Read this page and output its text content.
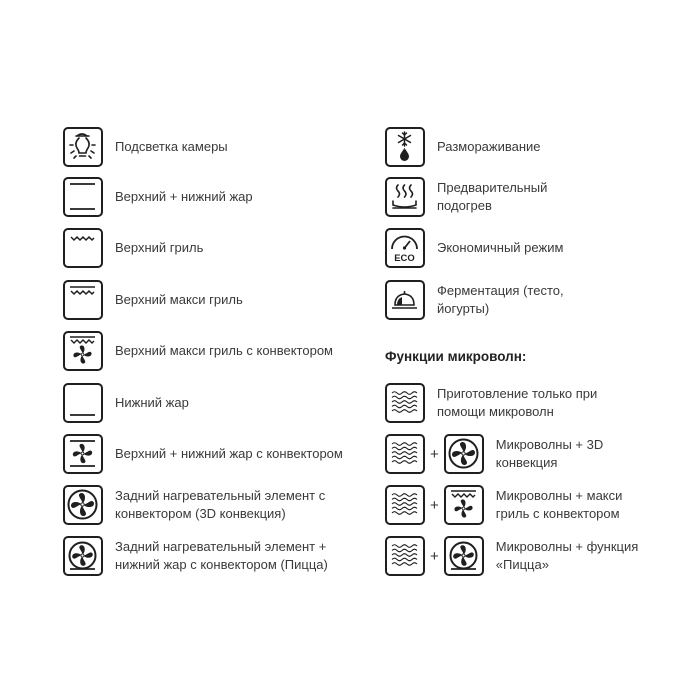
Подсветка камеры
Верхний + нижний жар
Верхний гриль
Верхний макси гриль
Верхний макси гриль с конвектором
Нижний жар
Верхний + нижний жар с конвектором
Задний нагревательный элемент с конвектором (3D конвекция)
Задний нагревательный элемент + нижний жар с конвектором (Пицца)
Размораживание
Предварительный подогрев
ECO
Экономичный режим
Ферментация (тесто, йогурты)
Функции микроволн:
Приготовление только при помощи микроволн
+
Микроволны + 3D конвекция
+
Микроволны + макси гриль с конвектором
+
Микроволны + функция «Пицца»
